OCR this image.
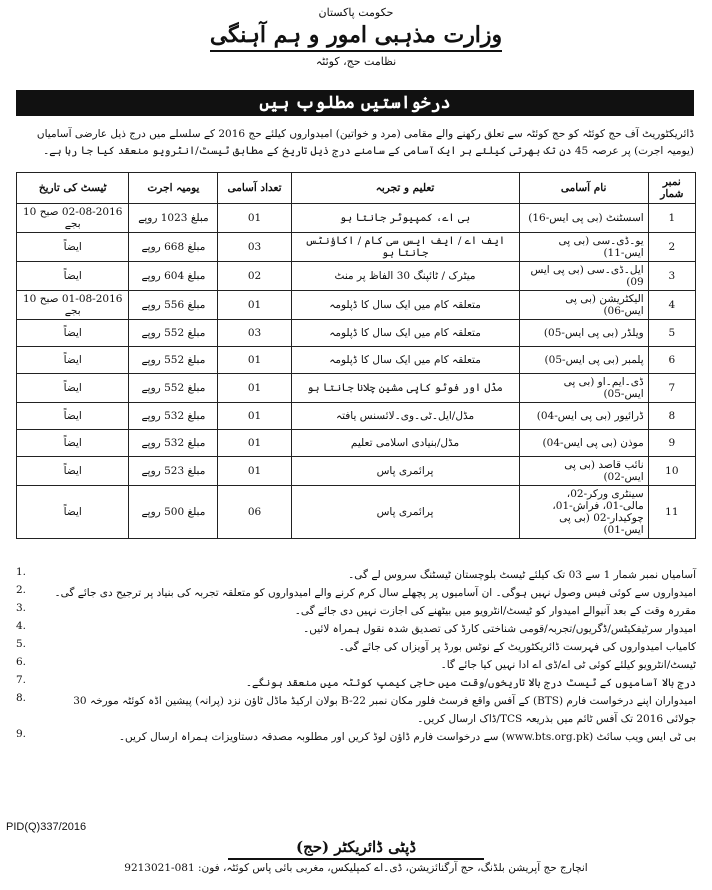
حکومت پاکستان
وزارت مذہبی امور و ہم آہنگی
نظامت حج، کوئٹہ
درخواستیں مطلوب ہیں
ڈائریکٹوریٹ آف حج کوئٹہ کو حج کوئٹہ سے تعلق رکھنے والے مقامی (مرد و خواتین) امیدواروں کیلئے حج 2016 کے سلسلے میں درج ذیل عارضی آسامیاں (یومیہ اجرت) پر عرصہ 45 دن تک بھرتی کیلئے ہر ایک آسامی کے سامنے درج ذیل تاریخ کے مطابق ٹیسٹ/انٹرویو منعقد کیا جا رہا ہے۔
نمبر شمار	نام آسامی	تعلیم و تجربہ	تعداد آسامی	یومیہ اجرت	ٹیسٹ کی تاریخ
1	اسسٹنٹ (بی پی ایس-16)	بی اے، کمپیوٹر جانتا ہو	01	مبلغ 1023 روپے	02-08-2016 صبح 10 بجے
2	یو۔ڈی۔سی (بی پی ایس-11)	ایف اے / ایف ایس سی کام / اکاؤنٹس جانتا ہو	03	مبلغ 668 روپے	ایضاً
3	ایل۔ڈی۔سی (بی پی ایس 09)	میٹرک / ٹائپنگ 30 الفاظ پر منٹ	02	مبلغ 604 روپے	ایضاً
4	الیکٹریشن (بی پی ایس-06)	متعلقہ کام میں ایک سال کا ڈپلومہ	01	مبلغ 556 روپے	01-08-2016 صبح 10 بجے
5	ویلڈر (بی پی ایس-05)	متعلقہ کام میں ایک سال کا ڈپلومہ	03	مبلغ 552 روپے	ایضاً
6	پلمبر (بی پی ایس-05)	متعلقہ کام میں ایک سال کا ڈپلومہ	01	مبلغ 552 روپے	ایضاً
7	ڈی۔ایم۔او (بی پی ایس-05)	مڈل اور فوٹو کاپی مشین چلانا جانتا ہو	01	مبلغ 552 روپے	ایضاً
8	ڈرائیور (بی پی ایس-04)	مڈل/ایل۔ٹی۔وی۔لائسنس یافتہ	01	مبلغ 532 روپے	ایضاً
9	موذن (بی پی ایس-04)	مڈل/بنیادی اسلامی تعلیم	01	مبلغ 532 روپے	ایضاً
10	نائب قاصد (بی پی ایس-02)	پرائمری پاس	01	مبلغ 523 روپے	ایضاً
11	سینٹری ورکر-02، مالی-01، فراش-01، چوکیدار-02 (بی پی ایس-01)	پرائمری پاس	06	مبلغ 500 روپے	ایضاً
آسامیاں نمبر شمار 1 سے 03 تک کیلئے ٹیسٹ بلوچستان ٹیسٹنگ سروس لے گی۔
1.
امیدواروں سے کوئی فیس وصول نہیں ہوگی۔ ان آسامیوں پر پچھلے سال کرم کرنے والے امیدواروں کو متعلقہ تجربہ کی بنیاد پر ترجیح دی جائے گی۔
2.
مقررہ وقت کے بعد آنیوالے امیدوار کو ٹیسٹ/انٹرویو میں بیٹھنے کی اجازت نہیں دی جائے گی۔
3.
امیدوار سرٹیفکیٹس/ڈگریوں/تجربہ/قومی شناختی کارڈ کی تصدیق شدہ نقول ہمراہ لائیں۔
4.
کامیاب امیدواروں کی فہرست ڈائریکٹوریٹ کے نوٹس بورڈ پر آویزاں کی جائے گی۔
5.
ٹیسٹ/انٹرویو کیلئے کوئی ٹی اے/ڈی اے ادا نہیں کیا جائے گا۔
6.
درج بالا آسامیوں کے ٹیسٹ درج بالا تاریخوں/وقت میں حاجی کیمپ کوئٹہ میں منعقد ہونگے۔
7.
امیدواران اپنے درخواست فارم (BTS) کے آفس واقع فرسٹ فلور مکان نمبر B-22 بولان ارکیڈ ماڈل ٹاؤن نزد (پرانہ) پیشین اڈہ کوئٹہ مورخہ 30 جولائی 2016 تک آفس ٹائم میں بذریعہ TCS/ڈاک ارسال کریں۔
8.
بی ٹی ایس ویب سائٹ (www.bts.org.pk) سے درخواست فارم ڈاؤن لوڈ کریں اور مطلوبہ مصدقہ دستاویزات ہمراہ ارسال کریں۔
9.
PID(Q)337/2016
ڈپٹی ڈائریکٹر (حج)
انچارج حج آپریشن بلڈنگ، حج آرگنائزیشن، ڈی۔اے کمپلیکس، مغربی بائی پاس کوئٹہ، فون: 081-9213021
